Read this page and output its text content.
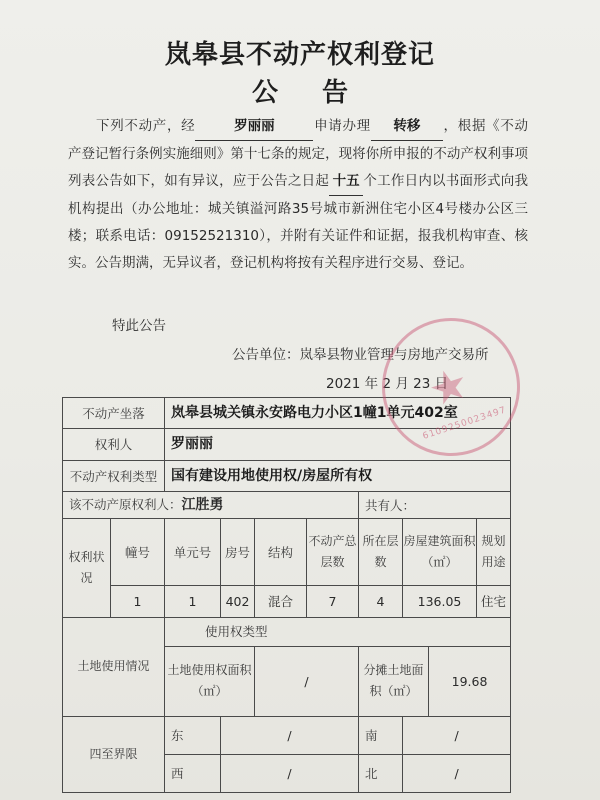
岚皋县不动产权利登记
公告
下列不动产，经	罗丽丽	申请办理 转移 ，根据《不动产登记暂行条例实施细则》第十七条的规定，现将你所申报的不动产权利事项列表公告如下，如有异议，应于公告之日起 十五 个工作日内以书面形式向我机构提出（办公地址：城关镇溢河路35号城市新洲住宅小区4号楼办公区三楼；联系电话：09152521310），并附有关证件和证据，报我机构审查、核实。公告期满，无异议者，登记机构将按有关程序进行交易、登记。
特此公告
公告单位：岚皋县物业管理与房地产交易所
2021 年 2 月 23 日
不动产坐落		岚皋县城关镇永安路电力小区1幢1单元402室							
权利人		罗丽丽							
不动产权利类型		国有建设用地使用权/房屋所有权							
该不动产原权利人：江胜勇						共有人：			
权利状况	幢号	单元号	房号	结构	不动产总层数	所在层数	房屋建筑面积（㎡）		规划用途
	1	1	402	混合	7	4	136.05		住宅
土地使用情况		使用权类型							
		土地使用权面积（㎡）		/		分摊土地面积（㎡）		19.68	
四至界限		东	/			南	/		
		西	/			北	/		
★
6109250023497
